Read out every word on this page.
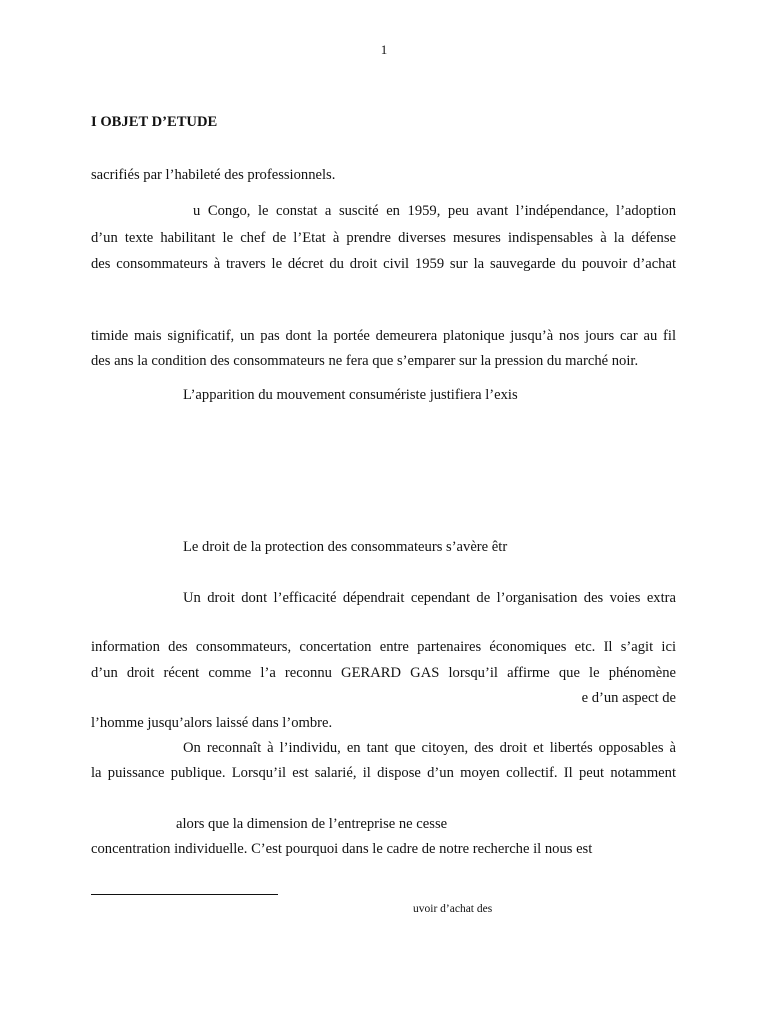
1
I OBJET D’ETUDE
sacrifiés par l’habileté des professionnels.
u Congo, le constat a suscité en 1959, peu avant l’indépendance, l’adoption
d’un texte habilitant le chef de l’Etat à prendre diverses mesures indispensables à la défense
des consommateurs à travers le décret du droit civil 1959 sur la sauvegarde du pouvoir d’achat
timide mais significatif, un pas dont la portée demeurera platonique jusqu’à nos jours car au fil
des ans la condition des consommateurs ne fera que s’emparer sur la pression du marché noir.
L’apparition du mouvement consumériste justifiera l’exis
Le droit de la protection des consommateurs s’avère êtr
Un droit dont l’efficacité dépendrait cependant de l’organisation des voies extra
information des consommateurs, concertation entre partenaires économiques etc. Il s’agit ici
d’un droit récent comme l’a reconnu GERARD GAS lorsqu’il affirme que le phénomène
e d’un aspect de
l’homme jusqu’alors laissé dans l’ombre.
On reconnaît à l’individu, en tant que citoyen, des droit et libertés opposables à
la puissance publique. Lorsqu’il est salarié, il dispose d’un moyen collectif. Il peut notamment
alors que la dimension de l’entreprise ne cesse
concentration individuelle. C’est pourquoi dans le cadre de notre recherche il nous est
uvoir d’achat des
